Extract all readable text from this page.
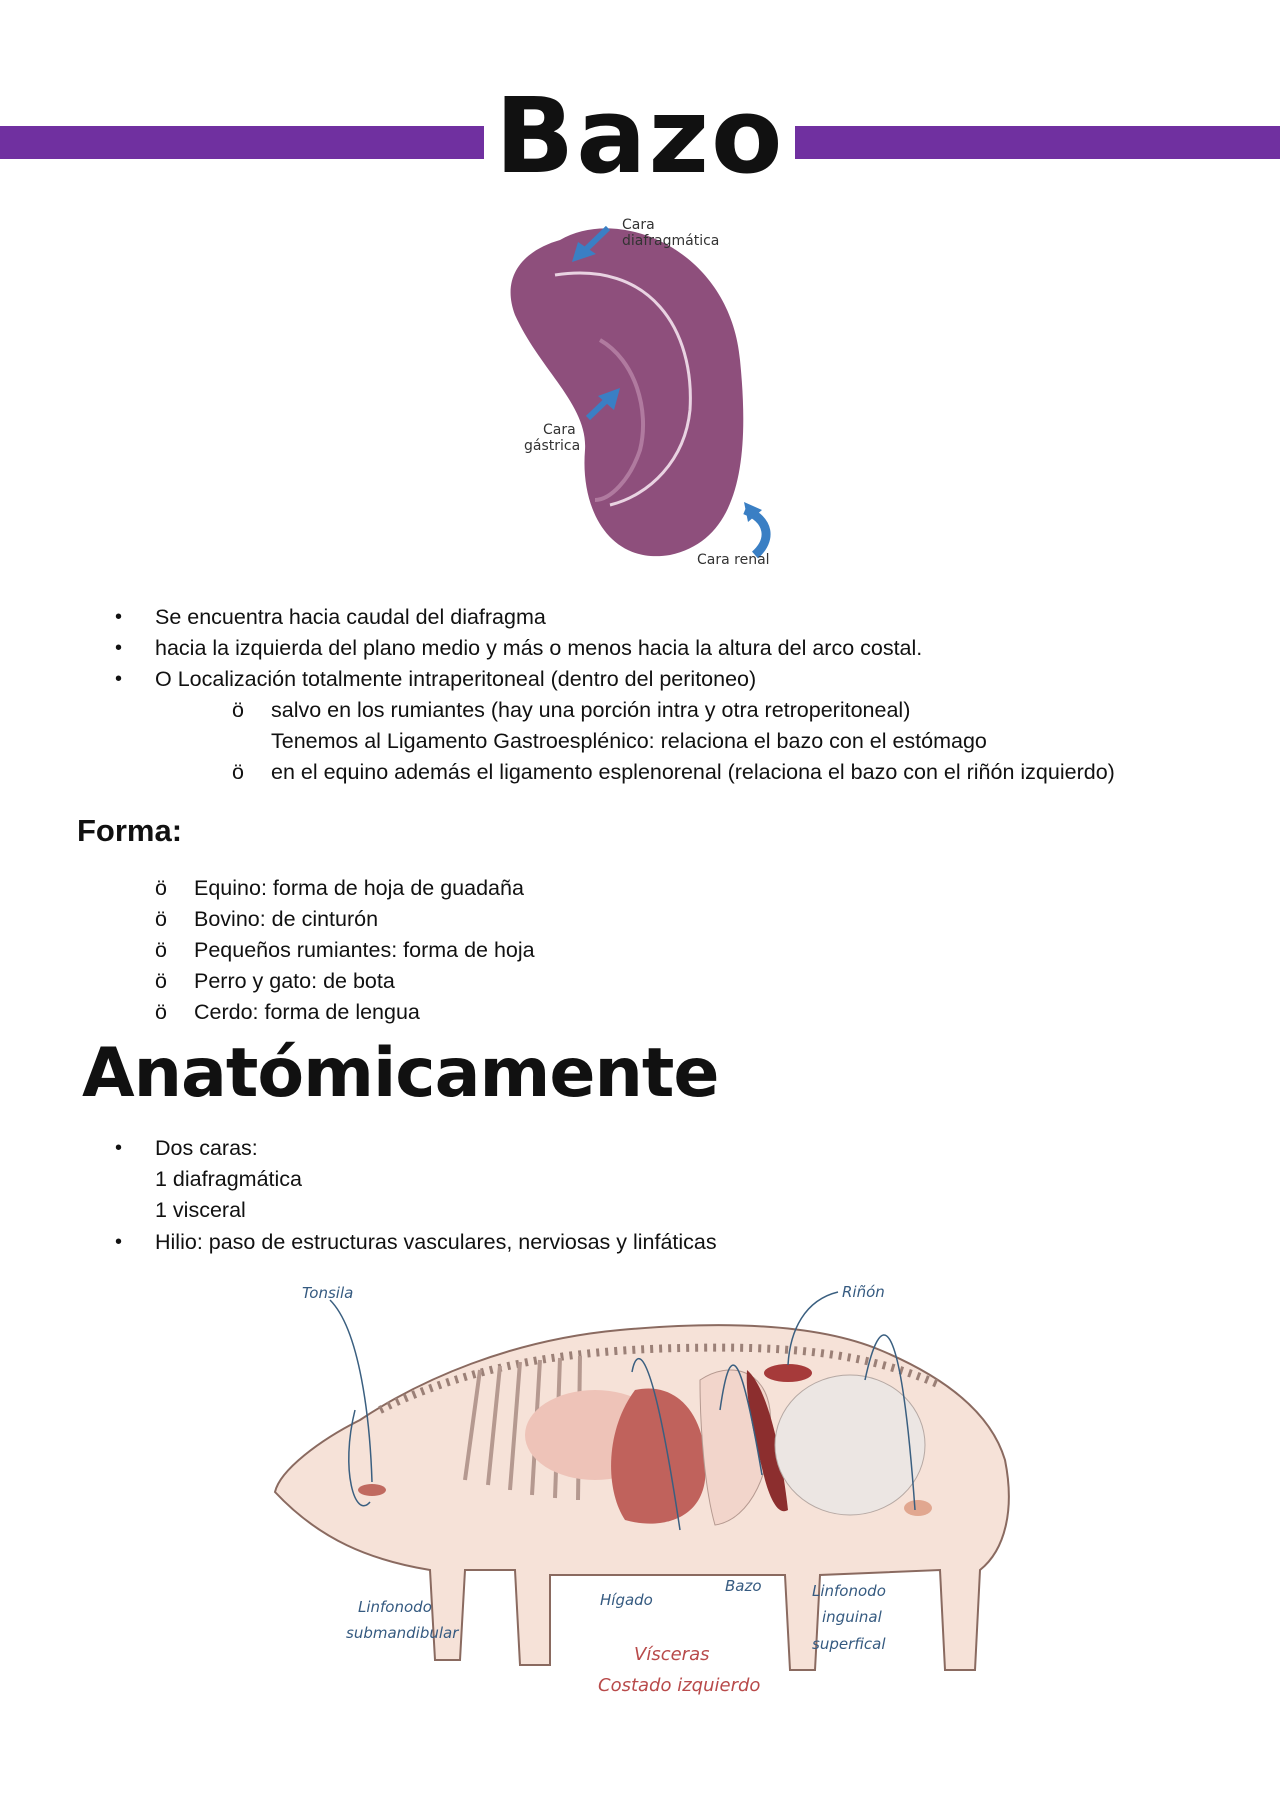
Bazo
Cara
diafragmática
Cara
gástrica
Cara renal
• Se encuentra hacia caudal del diafragma
• hacia la izquierda del plano medio y más o menos hacia la altura del arco costal.
• O Localización totalmente intraperitoneal (dentro del peritoneo)
ö salvo en los rumiantes (hay una porción intra y otra retroperitoneal)
Tenemos al Ligamento Gastroesplénico: relaciona el bazo con el estómago
ö en el equino además el ligamento esplenorenal (relaciona el bazo con el riñón izquierdo)
Forma:
ö Equino: forma de hoja de guadaña
ö Bovino: de cinturón
ö Pequeños rumiantes: forma de hoja
ö Perro y gato: de bota
ö Cerdo: forma de lengua
Anatómicamente
• Dos caras:
1 diafragmática
1 visceral
• Hilio: paso de estructuras vasculares, nerviosas y linfáticas
Tonsila	Riñón
Linfonodo
submandibular
Hígado
Bazo	Linfonodo
inguinal
superfical
Vísceras
Costado izquierdo
